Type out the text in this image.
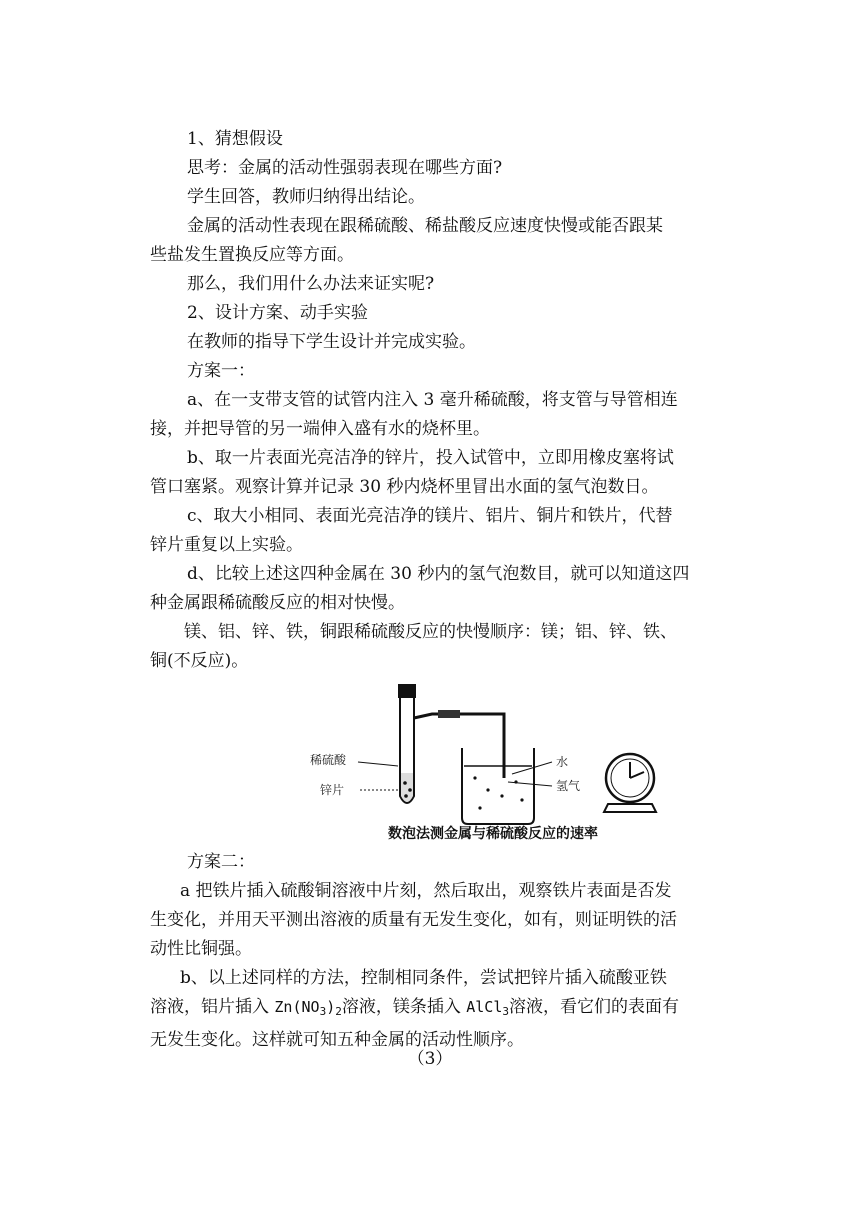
1、猜想假设

思考：金属的活动性强弱表现在哪些方面?

学生回答，教师归纳得出结论。

金属的活动性表现在跟稀硫酸、稀盐酸反应速度快慢或能否跟某

些盐发生置换反应等方面。

那么，我们用什么办法来证实呢?

2、设计方案、动手实验

在教师的指导下学生设计并完成实验。

方案一：

a、在一支带支管的试管内注入 3 毫升稀硫酸，将支管与导管相连

接，并把导管的另一端伸入盛有水的烧杯里。

b、取一片表面光亮洁净的锌片，投入试管中，立即用橡皮塞将试

管口塞紧。观察计算并记录 30 秒内烧杯里冒出水面的氢气泡数日。

c、取大小相同、表面光亮洁净的镁片、铝片、铜片和铁片，代替

锌片重复以上实验。

d、比较上述这四种金属在 30 秒内的氢气泡数目，就可以知道这四

种金属跟稀硫酸反应的相对快慢。

镁、铝、锌、铁，铜跟稀硫酸反应的快慢顺序：镁；铝、锌、铁、

铜(不反应)。

稀硫酸
锌片
水
氢气
数泡法测金属与稀硫酸反应的速率

方案二：

a 把铁片插入硫酸铜溶液中片刻，然后取出，观察铁片表面是否发

生变化，并用天平测出溶液的质量有无发生变化，如有，则证明铁的活

动性比铜强。

b、以上述同样的方法，控制相同条件，尝试把锌片插入硫酸亚铁

溶液，铝片插入 $Zn(NO_3)_2$溶液，镁条插入 AlCl$_3$溶液，看它们的表面有

无发生变化。这样就可知五种金属的活动性顺序。

（3）
